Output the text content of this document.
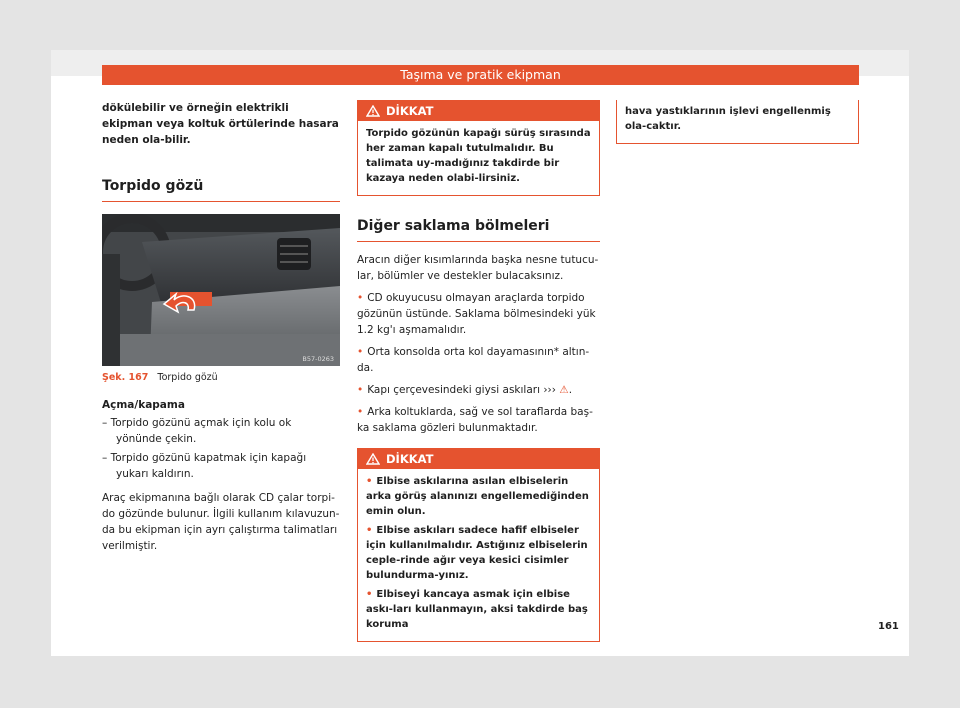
Taşıma ve pratik ekipman

dökülebilir ve örneğin elektrikli ekipman veya koltuk örtülerinde hasara neden ola-bilir.

Torpido gözü
B57-0263
Şek. 167 Torpido gözü

Açma/kapama

– Torpido gözünü açmak için kolu ok yönünde çekin.

– Torpido gözünü kapatmak için kapağı yukarı kaldırın.

Araç ekipmanına bağlı olarak CD çalar torpi-do gözünde bulunur. İlgili kullanım kılavuzun-da bu ekipman için ayrı çalıştırma talimatları verilmiştir.

DİKKAT

Torpido gözünün kapağı sürüş sırasında her zaman kapalı tutulmalıdır. Bu talimata uy-madığınız takdirde bir kazaya neden olabi-lirsiniz.

Diğer saklama bölmeleri

Aracın diğer kısımlarında başka nesne tutucu-lar, bölümler ve destekler bulacaksınız.

• CD okuyucusu olmayan araçlarda torpido gözünün üstünde. Saklama bölmesindeki yük 1.2 kg'ı aşmamalıdır.

• Orta konsolda orta kol dayamasının* altın-da.

• Kapı çerçevesindeki giysi askıları ››› ⚠.

• Arka koltuklarda, sağ ve sol taraflarda baş-ka saklama gözleri bulunmaktadır.

DİKKAT

• Elbise askılarına asılan elbiselerin arka görüş alanınızı engellemediğinden emin olun.

• Elbise askıları sadece hafif elbiseler için kullanılmalıdır. Astığınız elbiselerin ceple-rinde ağır veya kesici cisimler bulundurma-yınız.

• Elbiseyi kancaya asmak için elbise askı-ları kullanmayın, aksi takdirde baş koruma

hava yastıklarının işlevi engellenmiş ola-caktır.

161
